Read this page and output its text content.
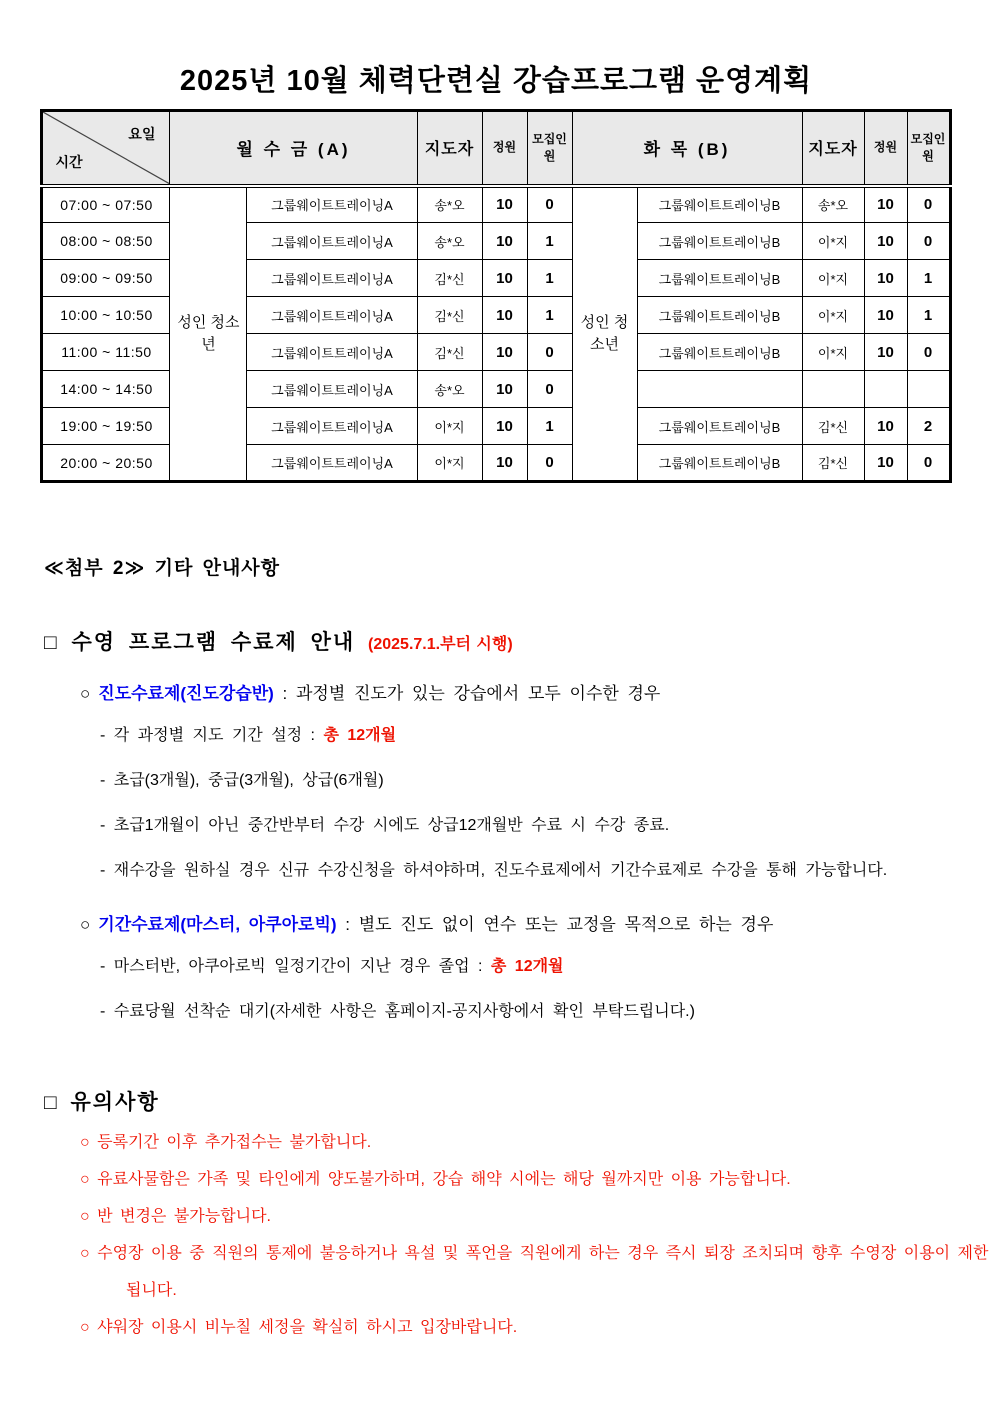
2025년 10월 체력단련실 강습프로그램 운영계획
요일
시간	월 수 금 (A)		지도자	정원	모집인원	화 목 (B)		지도자	정원	모집인원
07:00 ~ 07:50	성인 청소년	그룹웨이트트레이닝A	송*오	10	0	성인 청소년	그룹웨이트트레이닝B	송*오	10	0
08:00 ~ 08:50		그룹웨이트트레이닝A	송*오	10	1		그룹웨이트트레이닝B	이*지	10	0
09:00 ~ 09:50		그룹웨이트트레이닝A	김*신	10	1		그룹웨이트트레이닝B	이*지	10	1
10:00 ~ 10:50		그룹웨이트트레이닝A	김*신	10	1		그룹웨이트트레이닝B	이*지	10	1
11:00 ~ 11:50		그룹웨이트트레이닝A	김*신	10	0		그룹웨이트트레이닝B	이*지	10	0
14:00 ~ 14:50		그룹웨이트트레이닝A	송*오	10	0					
19:00 ~ 19:50		그룹웨이트트레이닝A	이*지	10	1		그룹웨이트트레이닝B	김*신	10	2
20:00 ~ 20:50		그룹웨이트트레이닝A	이*지	10	0		그룹웨이트트레이닝B	김*신	10	0
≪첨부 2≫ 기타 안내사항
□ 수영 프로그램 수료제 안내 (2025.7.1.부터 시행)
○ 진도수료제(진도강습반) : 과정별 진도가 있는 강습에서 모두 이수한 경우
- 각 과정별 지도 기간 설정 : 총 12개월
- 초급(3개월), 중급(3개월), 상급(6개월)
- 초급1개월이 아닌 중간반부터 수강 시에도 상급12개월반 수료 시 수강 종료.
- 재수강을 원하실 경우 신규 수강신청을 하셔야하며, 진도수료제에서 기간수료제로 수강을 통해 가능합니다.
○ 기간수료제(마스터, 아쿠아로빅) : 별도 진도 없이 연수 또는 교정을 목적으로 하는 경우
- 마스터반, 아쿠아로빅 일정기간이 지난 경우 졸업 : 총 12개월
- 수료당월 선착순 대기(자세한 사항은 홈페이지-공지사항에서 확인 부탁드립니다.)
□ 유의사항
○ 등록기간 이후 추가접수는 불가합니다.
○ 유료사물함은 가족 및 타인에게 양도불가하며, 강습 해약 시에는 해당 월까지만 이용 가능합니다.
○ 반 변경은 불가능합니다.
○ 수영장 이용 중 직원의 통제에 불응하거나 욕설 및 폭언을 직원에게 하는 경우 즉시 퇴장 조치되며 향후 수영장 이용이 제한됩니다.
○ 샤워장 이용시 비누칠 세정을 확실히 하시고 입장바랍니다.
